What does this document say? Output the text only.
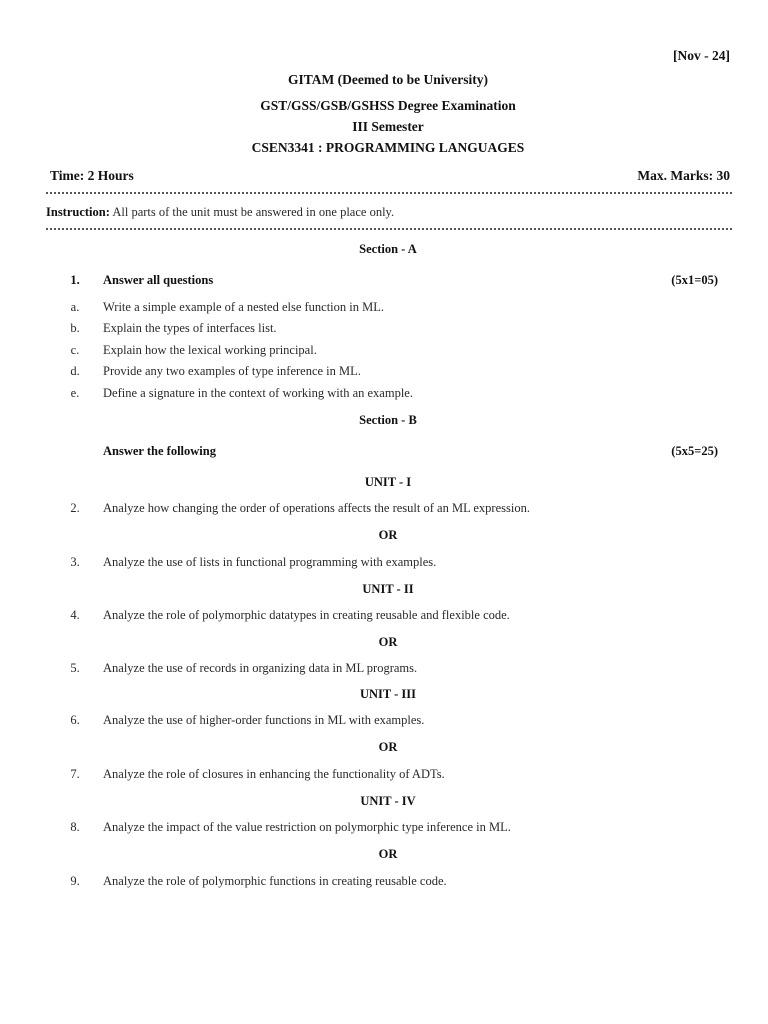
[Nov - 24]
GITAM (Deemed to be University)
GST/GSS/GSB/GSHSS Degree Examination
III Semester
CSEN3341 : PROGRAMMING LANGUAGES
Time: 2 Hours	Max. Marks: 30
Instruction: All parts of the unit must be answered in one place only.
Section - A
1.	Answer all questions	(5x1=05)
a.	Write a simple example of a nested else function in ML.
b.	Explain the types of interfaces list.
c.	Explain how the lexical working principal.
d.	Provide any two examples of type inference in ML.
e.	Define a signature in the context of working with an example.
Section - B
Answer the following	(5x5=25)
UNIT - I
2.	Analyze how changing the order of operations affects the result of an ML expression.
OR
3.	Analyze the use of lists in functional programming with examples.
UNIT - II
4.	Analyze the role of polymorphic datatypes in creating reusable and flexible code.
OR
5.	Analyze the use of records in organizing data in ML programs.
UNIT - III
6.	Analyze the use of higher-order functions in ML with examples.
OR
7.	Analyze the role of closures in enhancing the functionality of ADTs.
UNIT - IV
8.	Analyze the impact of the value restriction on polymorphic type inference in ML.
OR
9.	Analyze the role of polymorphic functions in creating reusable code.
